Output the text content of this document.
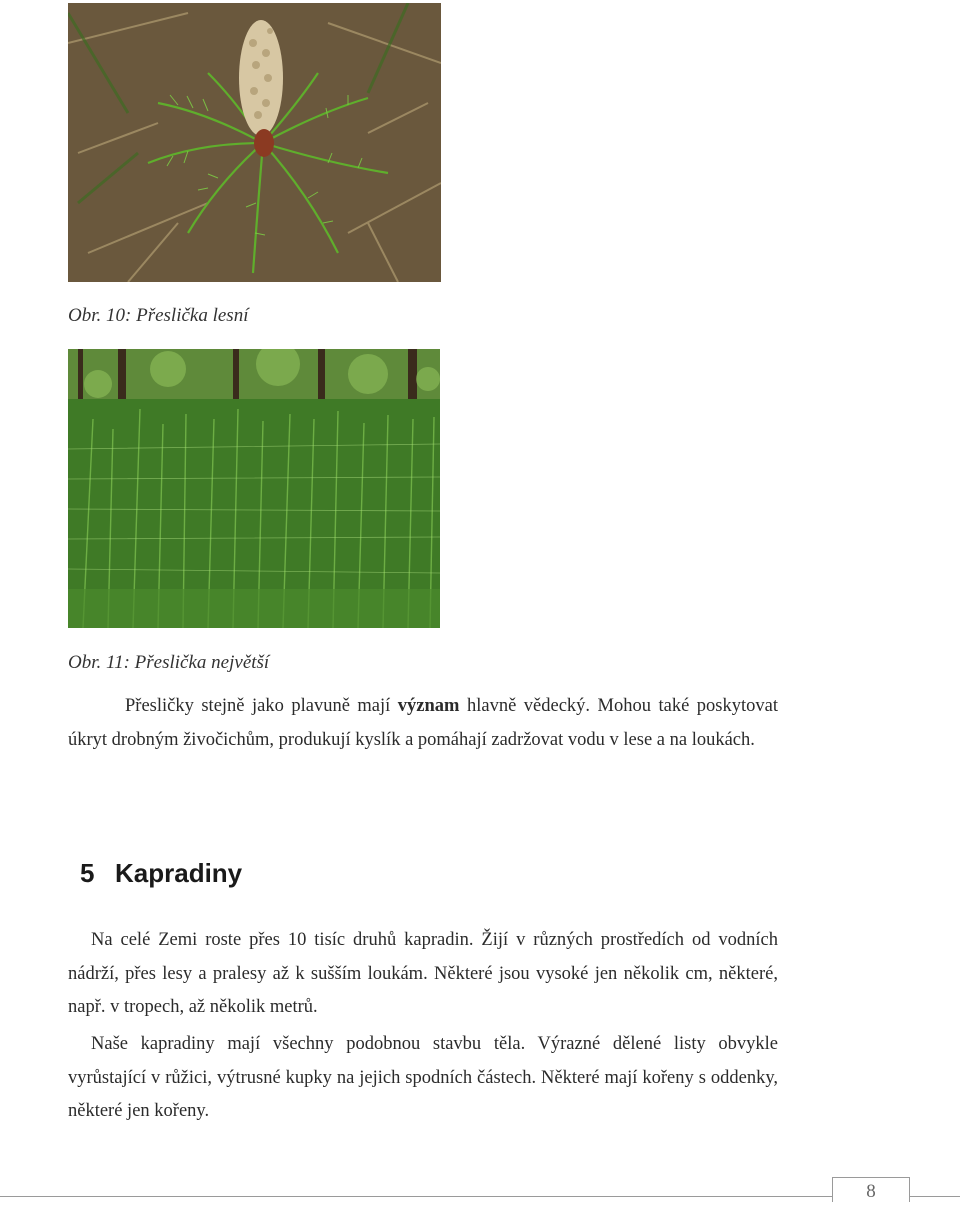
Obr. 10: Přeslička lesní
Obr. 11: Přeslička největší
Přesličky stejně jako plavuně mají význam hlavně vědecký. Mohou také poskytovat úkryt drobným živočichům, produkují kyslík a pomáhají zadržovat vodu v lese a na loukách.
5 Kapradiny
Na celé Zemi roste přes 10 tisíc druhů kapradin. Žijí v různých prostředích od vodních nádrží, přes lesy a pralesy až k sušším loukám. Některé jsou vysoké jen několik cm, některé, např. v tropech, až několik metrů.
Naše kapradiny mají všechny podobnou stavbu těla. Výrazné dělené listy obvykle vyrůstající v růžici, výtrusné kupky na jejich spodních částech. Některé mají kořeny s oddenky, některé jen kořeny.
8
